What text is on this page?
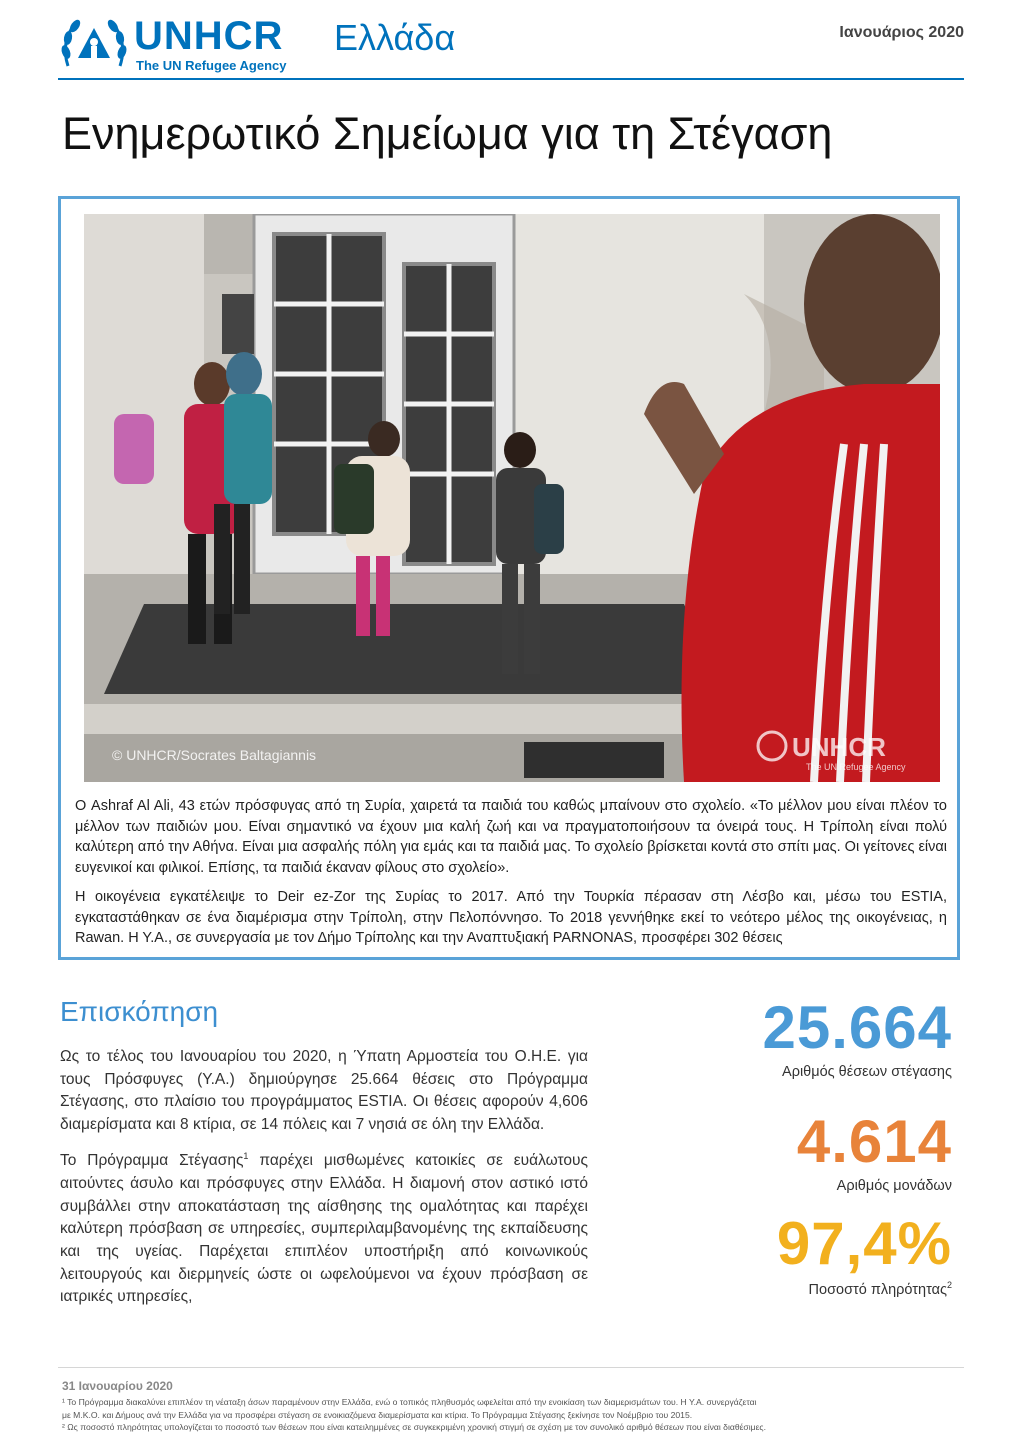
UNHCR
The UN Refugee Agency
Ελλάδα	Ιανουάριος 2020
Ενημερωτικό Σημείωμα για τη Στέγαση
© UNHCR/Socrates Baltagiannis	UNHCR
The UN Refugee Agency

Ο Ashraf Al Ali, 43 ετών πρόσφυγας από τη Συρία, χαιρετά τα παιδιά του καθώς μπαίνουν στο σχολείο. «Το μέλλον μου είναι πλέον το μέλλον των παιδιών μου. Είναι σημαντικό να έχουν μια καλή ζωή και να πραγματοποιήσουν τα όνειρά τους. Η Τρίπολη είναι πολύ καλύτερη από την Αθήνα. Είναι μια ασφαλής πόλη για εμάς και τα παιδιά μας. Το σχολείο βρίσκεται κοντά στο σπίτι μας. Οι γείτονες είναι ευγενικοί και φιλικοί. Επίσης, τα παιδιά έκαναν φίλους στο σχολείο».

Η οικογένεια εγκατέλειψε το Deir ez-Zor της Συρίας το 2017. Από την Τουρκία πέρασαν στη Λέσβο και, μέσω του ESTIA, εγκαταστάθηκαν σε ένα διαμέρισμα στην Τρίπολη, στην Πελοπόννησο. Το 2018 γεννήθηκε εκεί το νεότερο μέλος της οικογένειας, η Rawan. Η Υ.Α., σε συνεργασία με τον Δήμο Τρίπολης και την Αναπτυξιακή PARNONAS, προσφέρει 302 θέσεις

Επισκόπηση

Ως το τέλος του Ιανουαρίου του 2020, η Ύπατη Αρμοστεία του Ο.Η.Ε. για τους Πρόσφυγες (Υ.Α.) δημιούργησε 25.664 θέσεις στο Πρόγραμμα Στέγασης, στο πλαίσιο του προγράμματος ESTIA. Οι θέσεις αφορούν 4,606 διαμερίσματα και 8 κτίρια, σε 14 πόλεις και 7 νησιά σε όλη την Ελλάδα.

Το Πρόγραμμα Στέγασης$^1$ παρέχει μισθωμένες κατοικίες σε ευάλωτους αιτούντες άσυλο και πρόσφυγες στην Ελλάδα. Η διαμονή στον αστικό ιστό συμβάλλει στην αποκατάσταση της αίσθησης της ομαλότητας και παρέχει καλύτερη πρόσβαση σε υπηρεσίες, συμπεριλαμβανομένης της εκπαίδευσης και της υγείας. Παρέχεται επιπλέον υποστήριξη από κοινωνικούς λειτουργούς και διερμηνείς ώστε οι ωφελούμενοι να έχουν πρόσβαση σε ιατρικές υπηρεσίες,

25.664
Αριθμός θέσεων στέγασης
4.614
Αριθμός μονάδων
97,4%
Ποσοστό πληρότητας$^2$
31 Ιανουαρίου 2020
¹ Το Πρόγραμμα διακαλύνει επιπλέον τη νέαταξη άσων παραμένουν στην Ελλάδα, ενώ ο τοπικός πληθυσμός ωφελείται από την ενοικίαση των διαμερισμάτων του. Η Υ.Α. συνεργάζεται
με Μ.Κ.Ο. και Δήμους ανά την Ελλάδα για να προσφέρει στέγαση σε ενοικιαζόμενα διαμερίσματα και κτίρια. Το Πρόγραμμα Στέγασης ξεκίνησε τον Νοέμβριο του 2015.
² Ως ποσοστό πληρότητας υπολογίζεται το ποσοστό των θέσεων που είναι κατειλημμένες σε συγκεκριμένη χρονική στιγμή σε σχέση με τον συνολικό αριθμό θέσεων που είναι διαθέσιμες.
